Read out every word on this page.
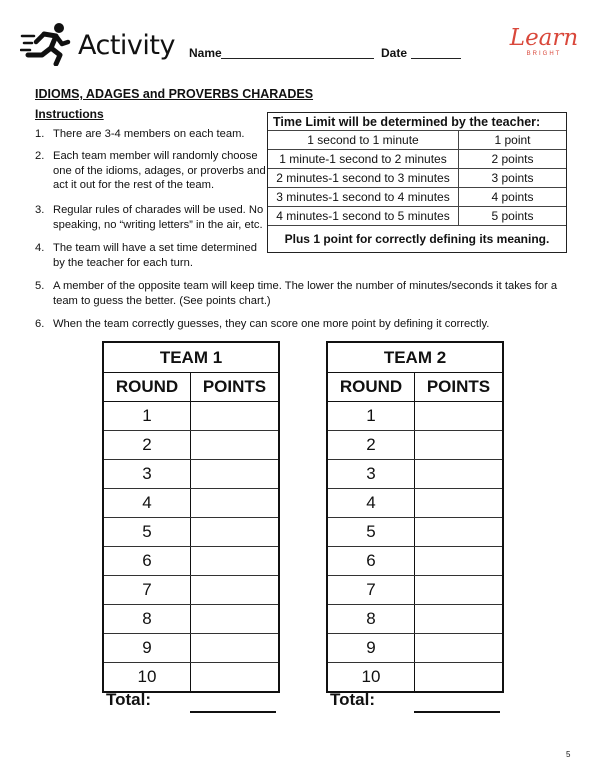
Activity Name	Date
Learn
BRIGHT
IDIOMS, ADAGES and PROVERBS CHARADES
Instructions
1. There are 3-4 members on each team.
2. Each team member will randomly choose
one of the idioms, adages, or proverbs and
act it out for the rest of the team.
3. Regular rules of charades will be used. No
speaking, no “writing letters” in the air, etc.
4. The team will have a set time determined
by the teacher for each turn.
5. A member of the opposite team will keep time. The lower the number of minutes/seconds it takes for a
team to guess the better. (See points chart.)
6. When the team correctly guesses, they can score one more point by defining it correctly.
Time Limit will be determined by the teacher:
1 second to 1 minute	1 point
1 minute-1 second to 2 minutes	2 points
2 minutes-1 second to 3 minutes	3 points
3 minutes-1 second to 4 minutes	4 points
4 minutes-1 second to 5 minutes	5 points
Plus 1 point for correctly defining its meaning.
TEAM 1
ROUND	POINTS
1
2
3
4
5
6
7
8
9
10
Total:
TEAM 2
ROUND	POINTS
1
2
3
4
5
6
7
8
9
10
Total:
5
